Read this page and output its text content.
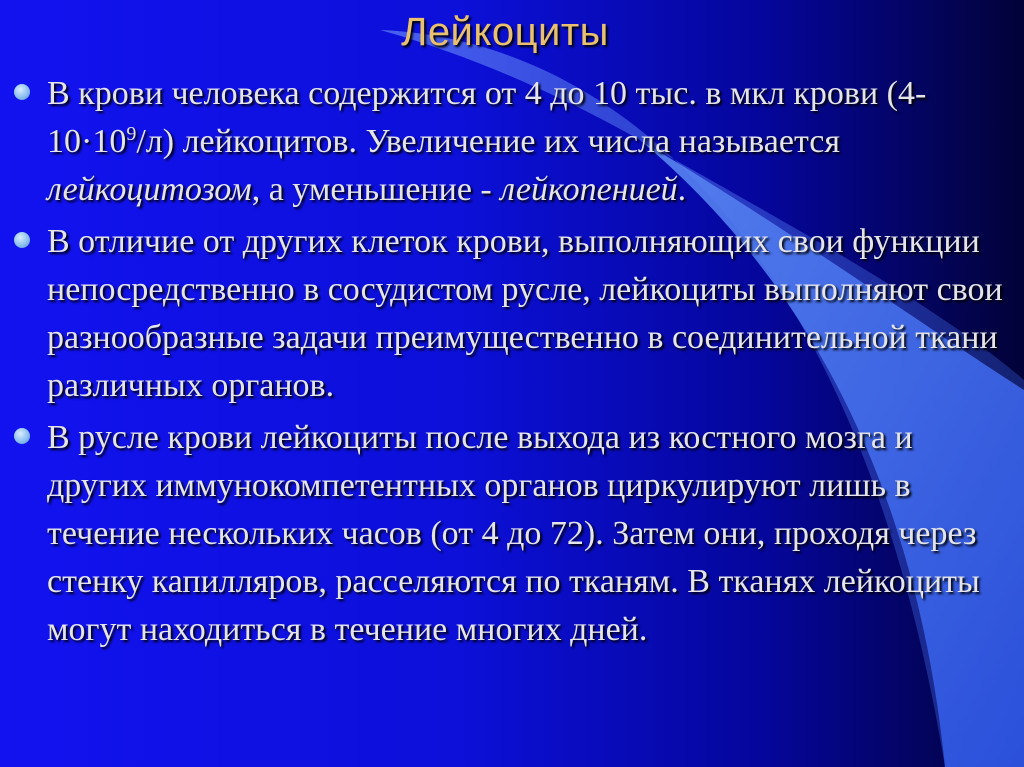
Лейкоциты
В крови человека содержится от 4 до 10 тыс. в мкл крови $(4-10\cdot 10^9/л)$ лейкоцитов. Увеличение их числа называется лейкоцитозом, а уменьшение - лейкопенией.
В отличие от других клеток крови, выполняющих свои функции непосредственно в сосудистом русле, лейкоциты выполняют свои разнообразные задачи преимущественно в соединительной ткани различных органов.
В русле крови лейкоциты после выхода из костного мозга и других иммунокомпетентных органов циркулируют лишь в течение нескольких часов (от 4 до 72). Затем они, проходя через стенку капилляров, расселяются по тканям. В тканях лейкоциты могут находиться в течение многих дней.
